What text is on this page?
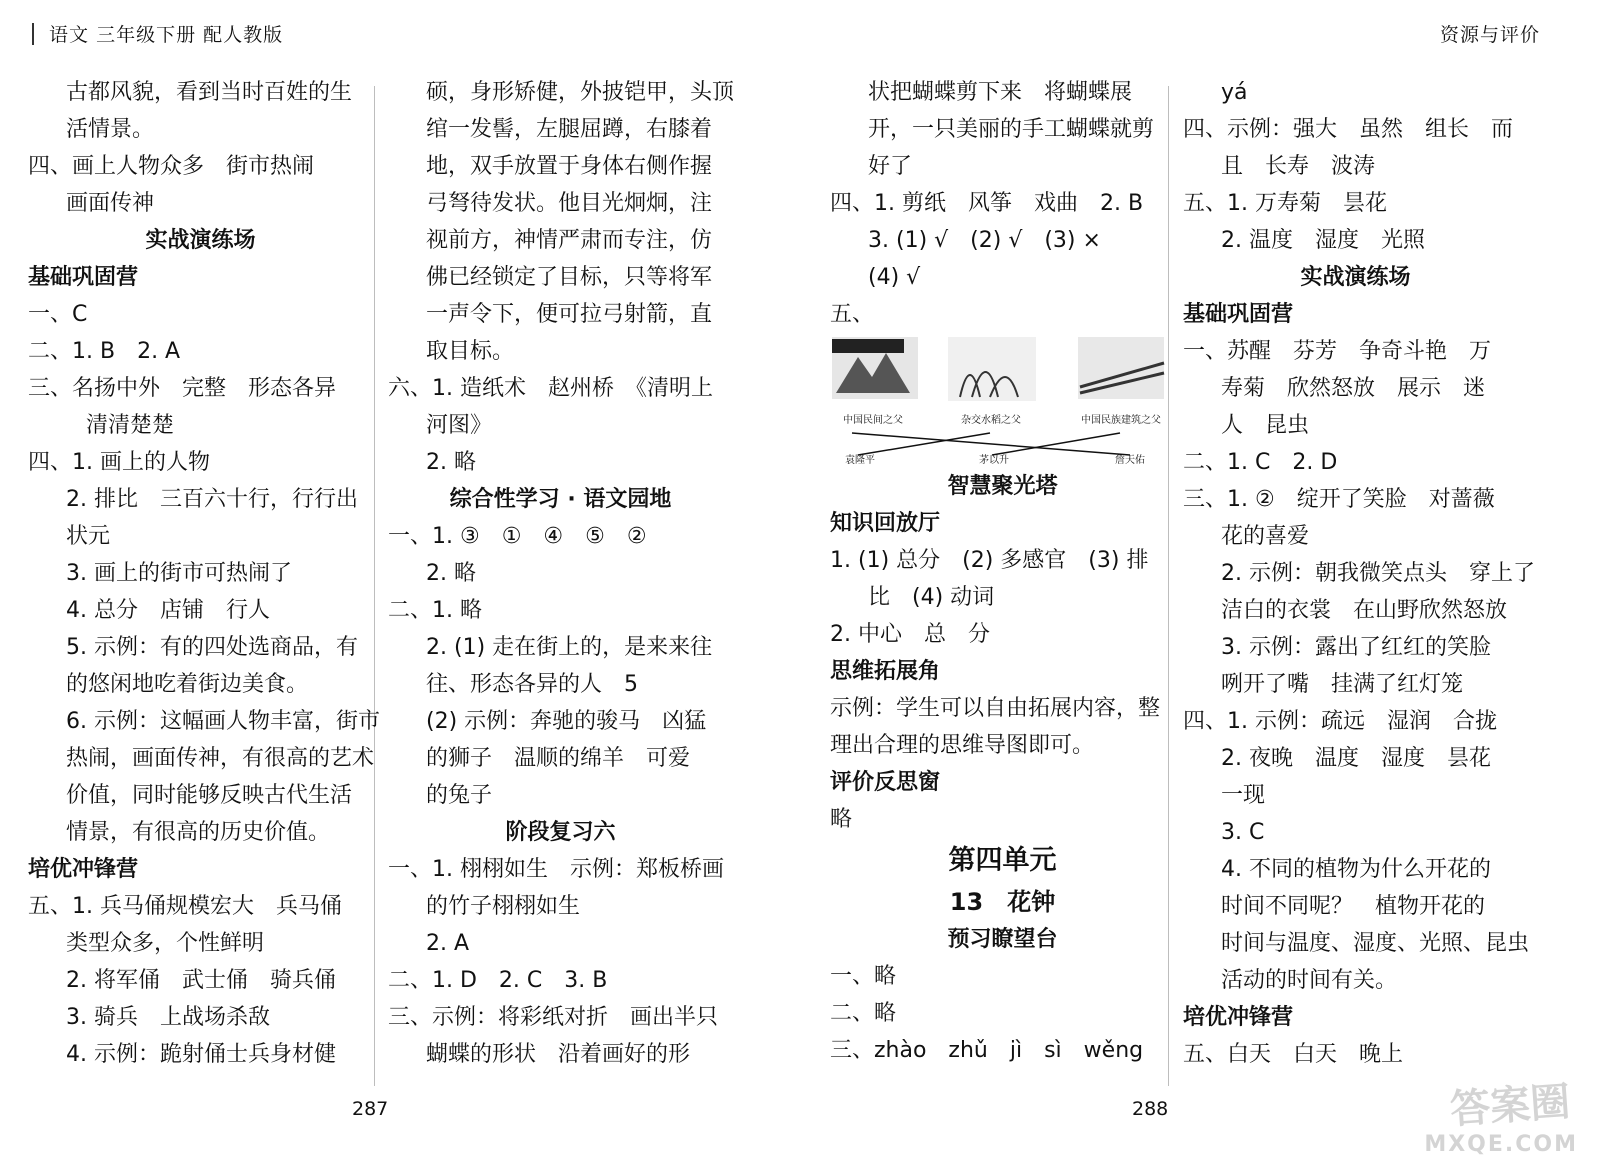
语文 三年级下册 配人教版	资源与评价
古都风貌，看到当时百姓的生
活情景。
四、画上人物众多　街市热闹
画面传神
实战演练场
基础巩固营
一、C
二、1. B　2. A
三、名扬中外　完整　形态各异
清清楚楚
四、1. 画上的人物
2. 排比　三百六十行，行行出
状元
3. 画上的街市可热闹了
4. 总分　店铺　行人
5. 示例：有的四处选商品，有
的悠闲地吃着街边美食。
6. 示例：这幅画人物丰富，街市
热闹，画面传神，有很高的艺术
价值，同时能够反映古代生活
情景，有很高的历史价值。
培优冲锋营
五、1. 兵马俑规模宏大　兵马俑
类型众多，个性鲜明
2. 将军俑　武士俑　骑兵俑
3. 骑兵　上战场杀敌
4. 示例：跪射俑士兵身材健
硕，身形矫健，外披铠甲，头顶
绾一发髻，左腿屈蹲，右膝着
地，双手放置于身体右侧作握
弓弩待发状。他目光炯炯，注
视前方，神情严肃而专注，仿
佛已经锁定了目标，只等将军
一声令下，便可拉弓射箭，直
取目标。
六、1. 造纸术　赵州桥　《清明上
河图》
2. 略
综合性学习 · 语文园地
一、1. ③　①　④　⑤　②
2. 略
二、1. 略
2. (1) 走在街上的，是来来往
往、形态各异的人　5
(2) 示例：奔驰的骏马　凶猛
的狮子　温顺的绵羊　可爱
的兔子
阶段复习六
一、1. 栩栩如生　示例：郑板桥画
的竹子栩栩如生
2. A
二、1. D　2. C　3. B
三、示例：将彩纸对折　画出半只
蝴蝶的形状　沿着画好的形
状把蝴蝶剪下来　将蝴蝶展
开，一只美丽的手工蝴蝶就剪
好了
四、1. 剪纸　风筝　戏曲　2. B
3. (1) √　(2) √　(3) ×
(4) √
五、
中国民间之父	杂交水稻之父	中国民族建筑之父
袁隆平	茅以升	詹天佑
智慧聚光塔
知识回放厅
1. (1) 总分　(2) 多感官　(3) 排
比　(4) 动词
2. 中心　总　分
思维拓展角
示例：学生可以自由拓展内容，整
理出合理的思维导图即可。
评价反思窗
略
第四单元
13　花钟
预习瞭望台
一、略
二、略
三、zhào　zhǔ　jì　sì　wěng
yá
四、示例：强大　虽然　组长　而
且　长寿　波涛
五、1. 万寿菊　昙花
2. 温度　湿度　光照
实战演练场
基础巩固营
一、苏醒　芬芳　争奇斗艳　万
寿菊　欣然怒放　展示　迷
人　昆虫
二、1. C　2. D
三、1. ②　绽开了笑脸　对蔷薇
花的喜爱
2. 示例：朝我微笑点头　穿上了
洁白的衣裳　在山野欣然怒放
3. 示例：露出了红红的笑脸
咧开了嘴　挂满了红灯笼
四、1. 示例：疏远　湿润　合拢
2. 夜晚　温度　湿度　昙花
一现
3. C
4. 不同的植物为什么开花的
时间不同呢？　植物开花的
时间与温度、湿度、光照、昆虫
活动的时间有关。
培优冲锋营
五、白天　白天　晚上
287	288	答案圈
MXQE.COM
